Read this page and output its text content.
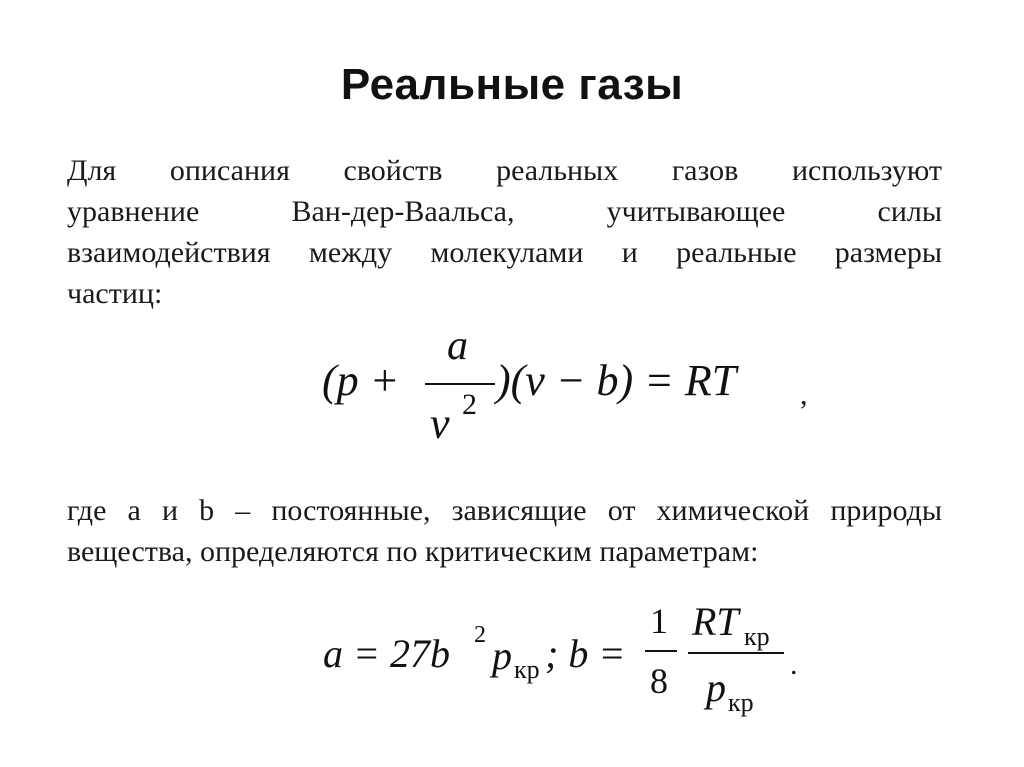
Реальные газы
Для описания свойств реальных газов используют
уравнение Ван-дер-Ваальса, учитывающее силы
взаимодействия между молекулами и реальные размеры
частиц:
(p +
a
v 2 )(v − b) = RT ,
где a и b – постоянные, зависящие от химической природы
вещества, определяются по критическим параметрам:
a = 27b 2 p кр ; b =
1
8
RT кр
p кр
.
